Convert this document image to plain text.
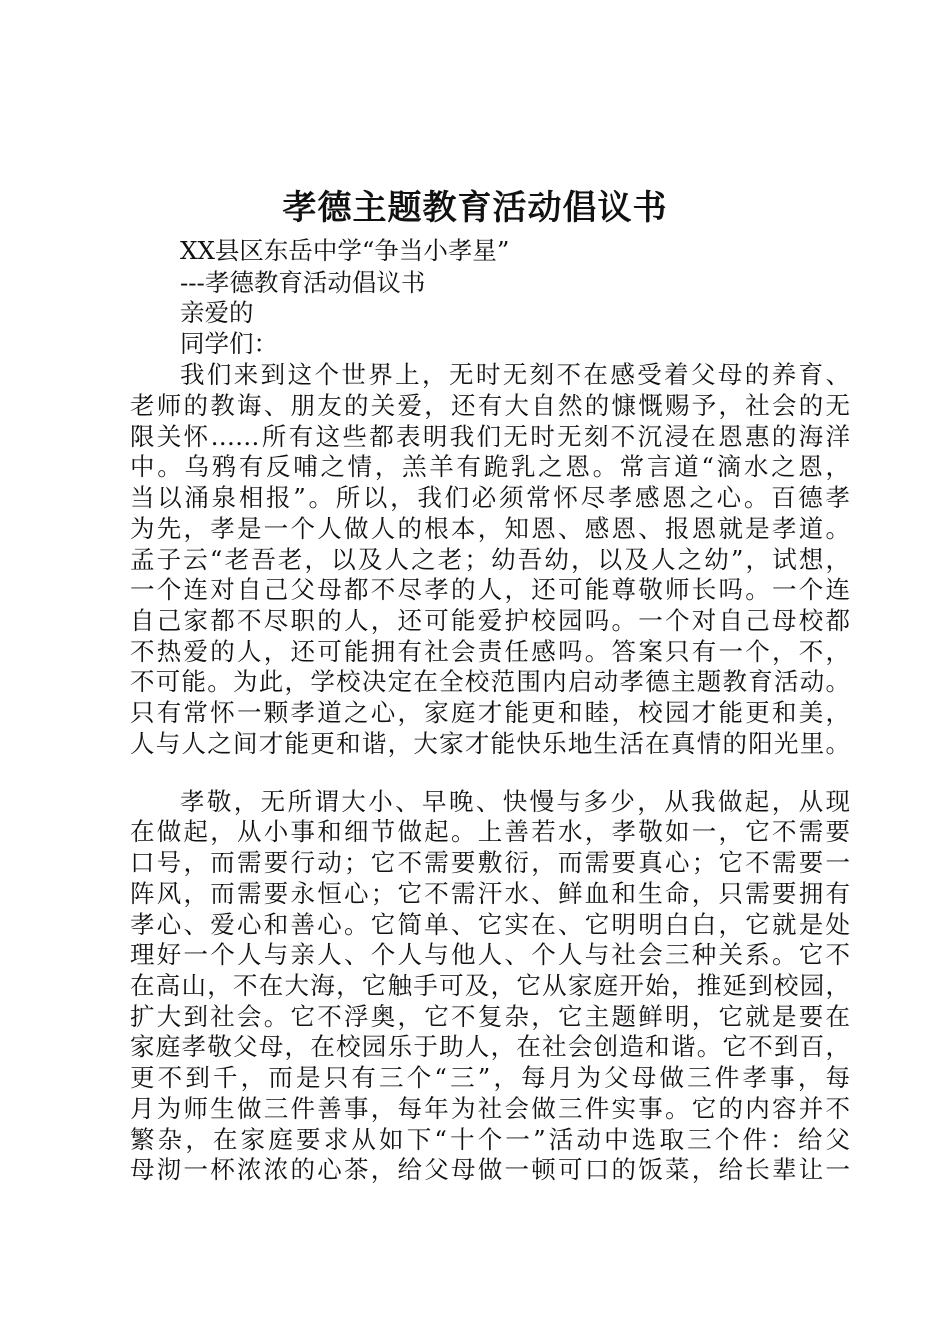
孝德主题教育活动倡议书
XX县区东岳中学“争当小孝星”
---孝德教育活动倡议书
亲爱的
同学们：
我们来到这个世界上，无时无刻不在感受着父母的养育、
老师的教诲、朋友的关爱，还有大自然的慷慨赐予，社会的无
限关怀……所有这些都表明我们无时无刻不沉浸在恩惠的海洋
中。乌鸦有反哺之情，羔羊有跪乳之恩。常言道“滴水之恩，
当以涌泉相报”。所以，我们必须常怀尽孝感恩之心。百德孝
为先，孝是一个人做人的根本，知恩、感恩、报恩就是孝道。
孟子云“老吾老，以及人之老；幼吾幼，以及人之幼”，试想，
一个连对自己父母都不尽孝的人，还可能尊敬师长吗。一个连
自己家都不尽职的人，还可能爱护校园吗。一个对自己母校都
不热爱的人，还可能拥有社会责任感吗。答案只有一个，不，
不可能。为此，学校决定在全校范围内启动孝德主题教育活动。
只有常怀一颗孝道之心，家庭才能更和睦，校园才能更和美，
人与人之间才能更和谐，大家才能快乐地生活在真情的阳光里。
孝敬，无所谓大小、早晚、快慢与多少，从我做起，从现
在做起，从小事和细节做起。上善若水，孝敬如一，它不需要
口号，而需要行动；它不需要敷衍，而需要真心；它不需要一
阵风，而需要永恒心；它不需汗水、鲜血和生命，只需要拥有
孝心、爱心和善心。它简单、它实在、它明明白白，它就是处
理好一个人与亲人、个人与他人、个人与社会三种关系。它不
在高山，不在大海，它触手可及，它从家庭开始，推延到校园，
扩大到社会。它不浮奥，它不复杂，它主题鲜明，它就是要在
家庭孝敬父母，在校园乐于助人，在社会创造和谐。它不到百，
更不到千，而是只有三个“三”，每月为父母做三件孝事，每
月为师生做三件善事，每年为社会做三件实事。它的内容并不
繁杂，在家庭要求从如下“十个一”活动中选取三个件：给父
母沏一杯浓浓的心茶，给父母做一顿可口的饭菜，给长辈让一
